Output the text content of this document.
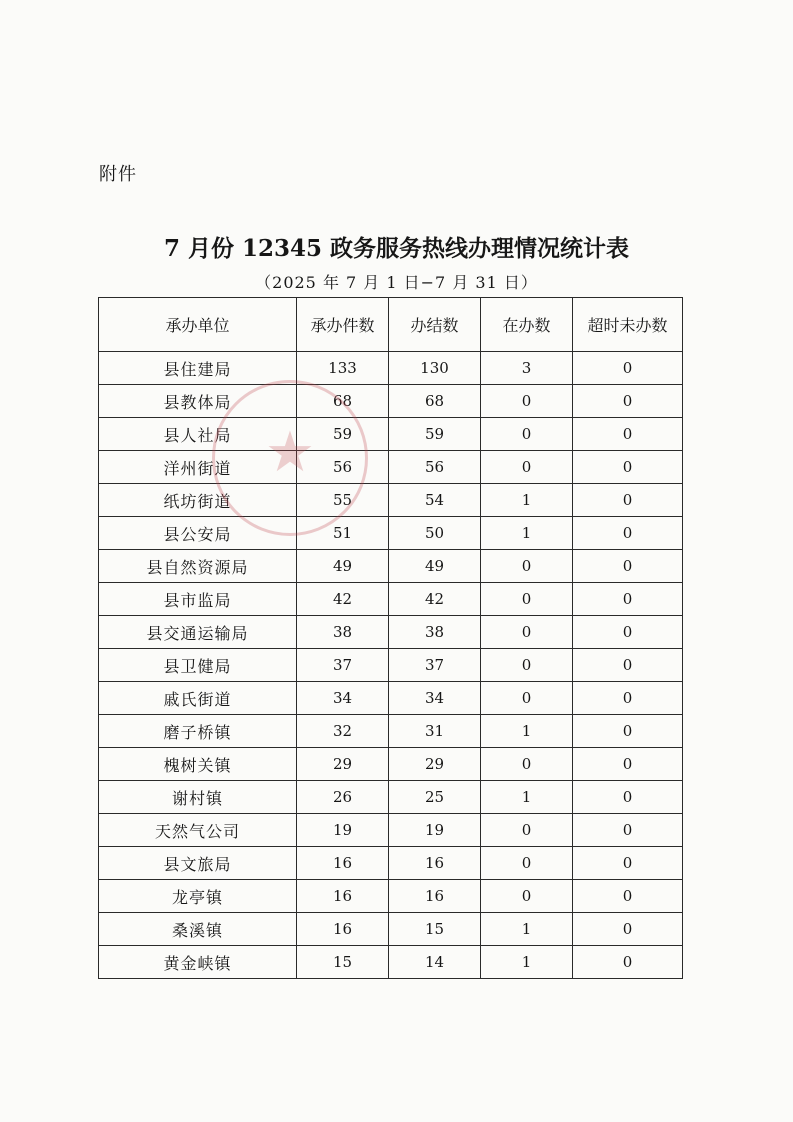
附件
7 月份 12345 政务服务热线办理情况统计表
（2025 年 7 月 1 日−7 月 31 日）
承办单位	承办件数	办结数	在办数	超时未办数
县住建局	133	130	3	0
县教体局	68	68	0	0
县人社局	59	59	0	0
洋州街道	56	56	0	0
纸坊街道	55	54	1	0
县公安局	51	50	1	0
县自然资源局	49	49	0	0
县市监局	42	42	0	0
县交通运输局	38	38	0	0
县卫健局	37	37	0	0
戚氏街道	34	34	0	0
磨子桥镇	32	31	1	0
槐树关镇	29	29	0	0
谢村镇	26	25	1	0
天然气公司	19	19	0	0
县文旅局	16	16	0	0
龙亭镇	16	16	0	0
桑溪镇	16	15	1	0
黄金峡镇	15	14	1	0
★
